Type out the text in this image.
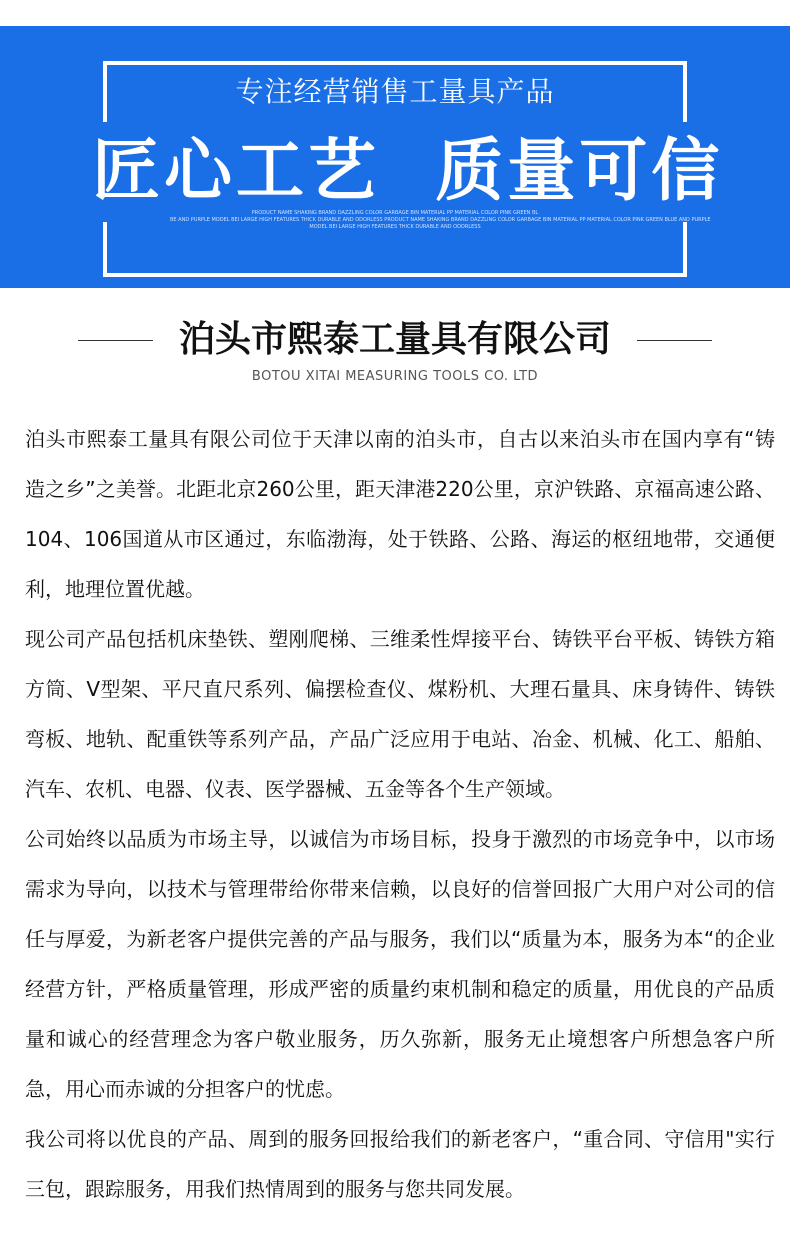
专注经营销售工量具产品
匠心工艺  质量可信
PRODUCT NAME SHAKING BRAND DAZZLING COLOR GARBAGE BIN MATERIAL PP MATERIAL COLOR PINK GREEN BL
BE AND PURPLE MODEL BEI LARGE HIGH FEATURES THICK DURABLE AND ODORLESS PRODUCT NAME SHAKING BRAND DAZZLING COLOR GARBAGE BIN MATERIAL PP MATERIAL COLOR PINK GREEN BLUE AND PURPLE
MODEL BEI LARGE HIGH FEATURES THICK DURABLE AND ODORLESS
泊头市熙泰工量具有限公司
BOTOU XITAI MEASURING TOOLS CO. LTD

泊头市熙泰工量具有限公司位于天津以南的泊头市，自古以来泊头市在国内享有“铸造之乡”之美誉。北距北京260公里，距天津港220公里，京沪铁路、京福高速公路、104、106国道从市区通过，东临渤海，处于铁路、公路、海运的枢纽地带，交通便利，地理位置优越。

现公司产品包括机床垫铁、塑刚爬梯、三维柔性焊接平台、铸铁平台平板、铸铁方箱方筒、V型架、平尺直尺系列、偏摆检查仪、煤粉机、大理石量具、床身铸件、铸铁弯板、地轨、配重铁等系列产品，产品广泛应用于电站、冶金、机械、化工、船舶、汽车、农机、电器、仪表、医学器械、五金等各个生产领域。

公司始终以品质为市场主导，以诚信为市场目标，投身于激烈的市场竞争中，以市场需求为导向，以技术与管理带给你带来信赖，以良好的信誉回报广大用户对公司的信任与厚爱，为新老客户提供完善的产品与服务，我们以“质量为本，服务为本“的企业经营方针，严格质量管理，形成严密的质量约束机制和稳定的质量，用优良的产品质量和诚心的经营理念为客户敬业服务，历久弥新，服务无止境想客户所想急客户所急，用心而赤诚的分担客户的忧虑。

我公司将以优良的产品、周到的服务回报给我们的新老客户，“重合同、守信用"实行三包，跟踪服务，用我们热情周到的服务与您共同发展。
